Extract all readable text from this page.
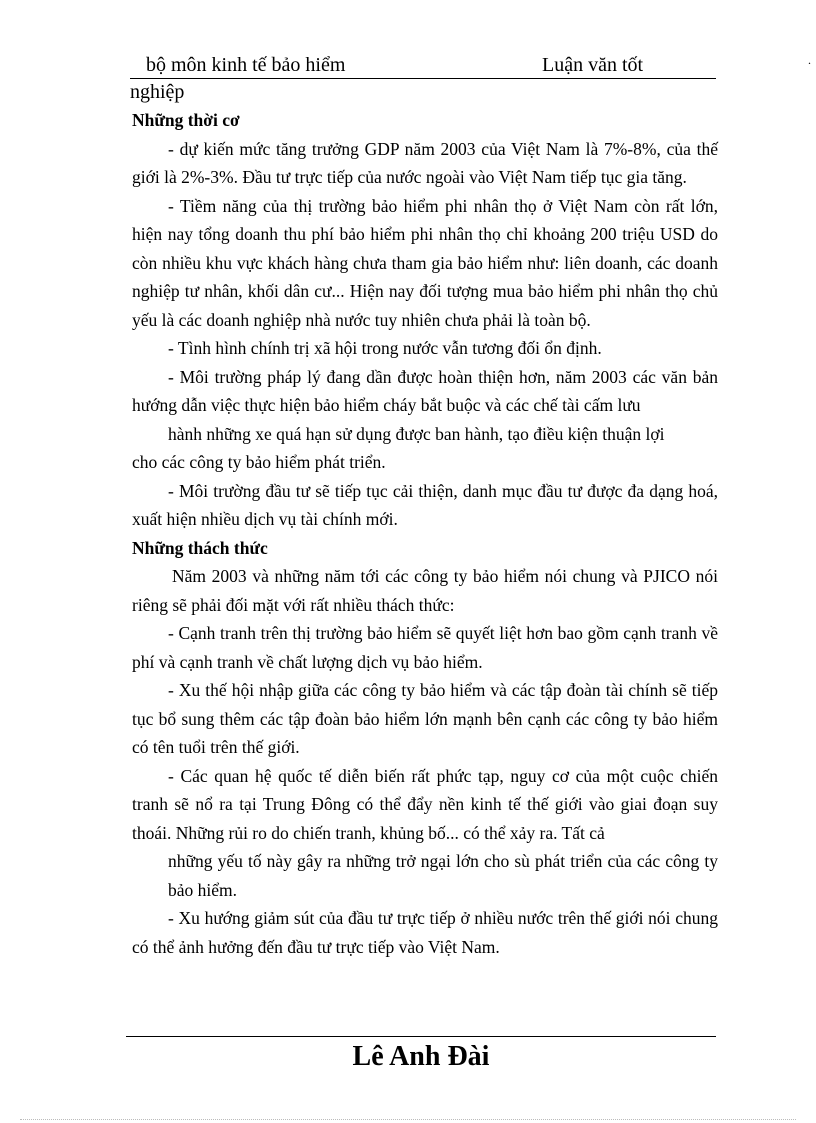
bộ môn kinh tế bảo hiểm	Luận văn tốt
nghiệp
.

Những thời cơ

- dự kiến mức tăng trưởng GDP năm 2003 của Việt Nam là 7%-8%, của thế giới là 2%-3%. Đầu tư trực tiếp của nước ngoài vào Việt Nam tiếp tục gia tăng.

- Tiềm năng của thị trường bảo hiểm phi nhân thọ ở Việt Nam còn rất lớn, hiện nay tổng doanh thu phí bảo hiểm phi nhân thọ chỉ khoảng 200 triệu USD do còn nhiều khu vực khách hàng chưa tham gia bảo hiểm như: liên doanh, các doanh nghiệp tư nhân, khối dân cư... Hiện nay đối tượng mua bảo hiểm phi nhân thọ chủ yếu là các doanh nghiệp nhà nước tuy nhiên chưa phải là toàn bộ.

- Tình hình chính trị xã hội trong nước vẫn tương đối ổn định.

- Môi trường pháp lý đang dần được hoàn thiện hơn, năm 2003 các văn bản hướng dẫn việc thực hiện bảo hiểm cháy bắt buộc và các chế tài cấm lưu

hành những xe quá hạn sử dụng được ban hành, tạo điều kiện thuận lợi

cho các công ty bảo hiểm phát triển.

- Môi trường đầu tư sẽ tiếp tục cải thiện, danh mục đầu tư được đa dạng hoá, xuất hiện nhiều dịch vụ tài chính mới.

Những thách thức

Năm 2003 và những năm tới các công ty bảo hiểm nói chung và PJICO nói riêng sẽ phải đối mặt với rất nhiều thách thức:

- Cạnh tranh trên thị trường bảo hiểm sẽ quyết liệt hơn bao gồm cạnh tranh về phí và cạnh tranh về chất lượng dịch vụ bảo hiểm.

- Xu thế hội nhập giữa các công ty bảo hiểm và các tập đoàn tài chính sẽ tiếp tục bổ sung thêm các tập đoàn bảo hiểm lớn mạnh bên cạnh các công ty bảo hiểm có tên tuổi trên thế giới.

- Các quan hệ quốc tế diễn biến rất phức tạp, nguy cơ của một cuộc chiến tranh sẽ nổ ra tại Trung Đông có thể đẩy nền kinh tế thế giới vào giai đoạn suy thoái. Những rủi ro do chiến tranh, khủng bố... có thể xảy ra. Tất cả

những yếu tố này gây ra những trở ngại lớn cho sù phát triển của các công ty bảo hiểm.

- Xu hướng giảm sút của đầu tư trực tiếp ở nhiều nước trên thế giới nói chung có thể ảnh hưởng đến đầu tư trực tiếp vào Việt Nam.

Lê Anh Đài
